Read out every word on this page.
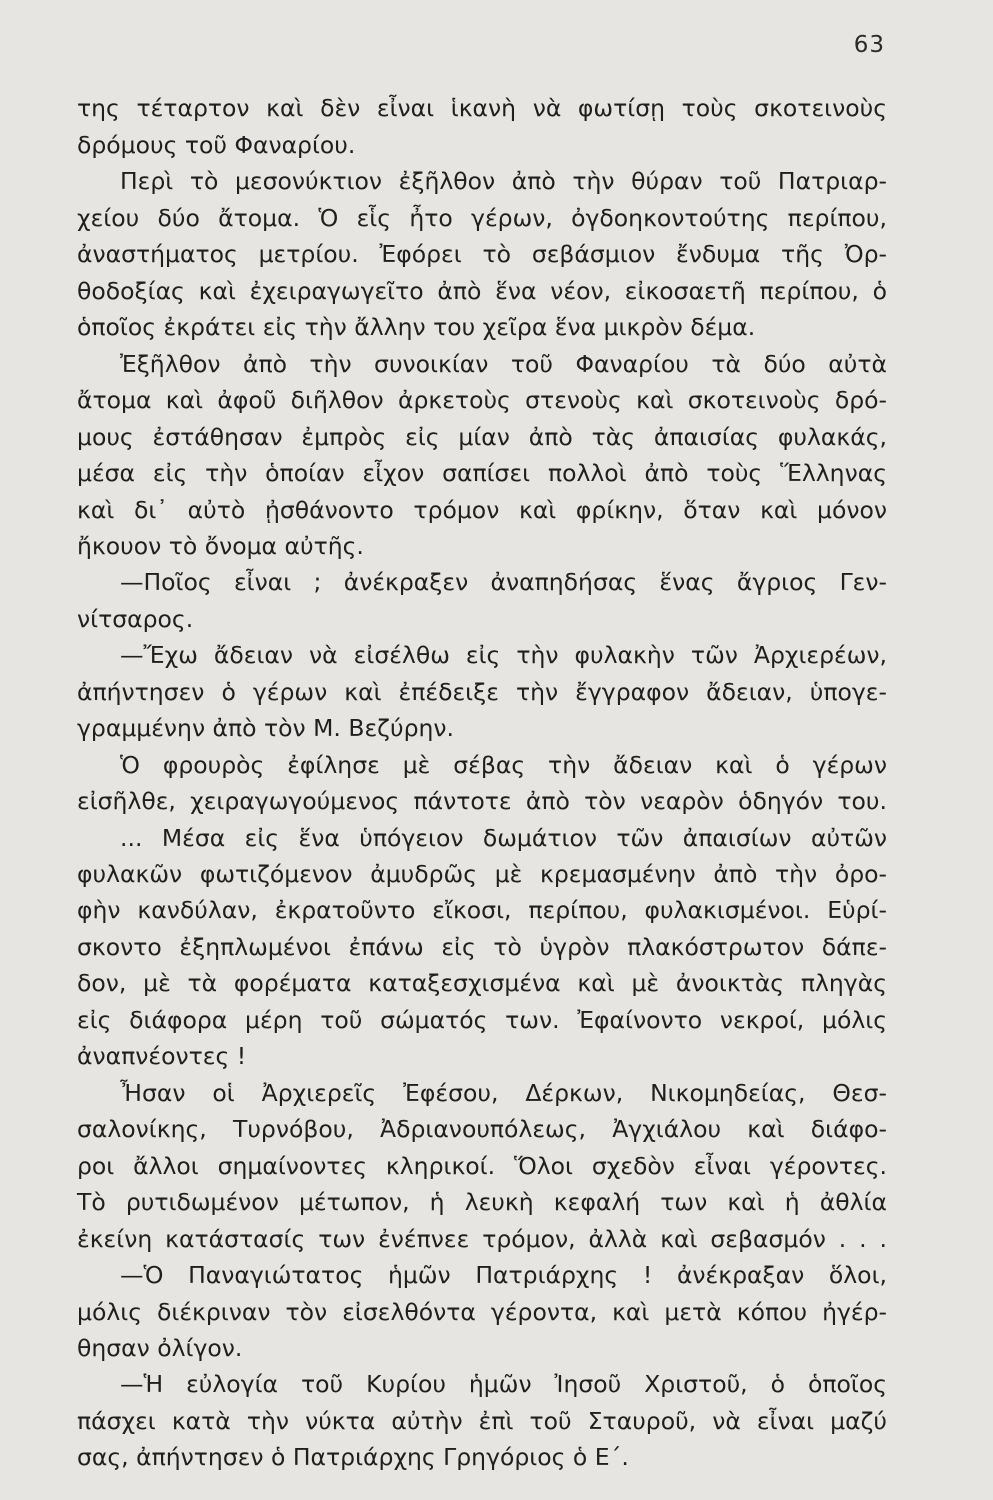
63
της τέταρτον καὶ δὲν εἶναι ἱκανὴ νὰ φωτίσῃ τοὺς σκοτεινοὺς
δρόμους τοῦ Φαναρίου.
Περὶ τὸ μεσονύκτιον ἐξῆλθον ἀπὸ τὴν θύραν τοῦ Πατριαρ-
χείου δύο ἄτομα. Ὁ εἷς ἦτο γέρων, ὀγδοηκοντούτης περίπου,
ἀναστήματος μετρίου. Ἐφόρει τὸ σεβάσμιον ἔνδυμα τῆς Ὀρ-
θοδοξίας καὶ ἐχειραγωγεῖτο ἀπὸ ἕνα νέον, εἰκοσαετῆ περίπου, ὁ
ὁποῖος ἐκράτει εἰς τὴν ἄλλην του χεῖρα ἕνα μικρὸν δέμα.
Ἐξῆλθον ἀπὸ τὴν συνοικίαν τοῦ Φαναρίου τὰ δύο αὐτὰ
ἄτομα καὶ ἀφοῦ διῆλθον ἀρκετοὺς στενοὺς καὶ σκοτεινοὺς δρό-
μους ἐστάθησαν ἐμπρὸς εἰς μίαν ἀπὸ τὰς ἀπαισίας φυλακάς,
μέσα εἰς τὴν ὁποίαν εἶχον σαπίσει πολλοὶ ἀπὸ τοὺς Ἕλληνας
καὶ δι᾽ αὐτὸ ᾐσθάνοντο τρόμον καὶ φρίκην, ὅταν καὶ μόνον
ἤκουον τὸ ὄνομα αὐτῆς.
—Ποῖος εἶναι ; ἀνέκραξεν ἀναπηδήσας ἕνας ἄγριος Γεν-
νίτσαρος.
—Ἔχω ἄδειαν νὰ εἰσέλθω εἰς τὴν φυλακὴν τῶν Ἀρχιερέων,
ἀπήντησεν ὁ γέρων καὶ ἐπέδειξε τὴν ἔγγραφον ἄδειαν, ὑπογε-
γραμμένην ἀπὸ τὸν Μ. Βεζύρην.
Ὁ φρουρὸς ἐφίλησε μὲ σέβας τὴν ἄδειαν καὶ ὁ γέρων
εἰσῆλθε, χειραγωγούμενος πάντοτε ἀπὸ τὸν νεαρὸν ὁδηγόν του.
... Μέσα εἰς ἕνα ὑπόγειον δωμάτιον τῶν ἀπαισίων αὐτῶν
φυλακῶν φωτιζόμενον ἀμυδρῶς μὲ κρεμασμένην ἀπὸ τὴν ὀρο-
φὴν κανδύλαν, ἐκρατοῦντο εἴκοσι, περίπου, φυλακισμένοι. Εὑρί-
σκοντο ἐξηπλωμένοι ἐπάνω εἰς τὸ ὑγρὸν πλακόστρωτον δάπε-
δον, μὲ τὰ φορέματα καταξεσχισμένα καὶ μὲ ἀνοικτὰς πληγὰς
εἰς διάφορα μέρη τοῦ σώματός των. Ἐφαίνοντο νεκροί, μόλις
ἀναπνέοντες !
Ἦσαν οἱ Ἀρχιερεῖς Ἐφέσου, Δέρκων, Νικομηδείας, Θεσ-
σαλονίκης, Τυρνόβου, Ἀδριανουπόλεως, Ἀγχιάλου καὶ διάφο-
ροι ἄλλοι σημαίνοντες κληρικοί. Ὅλοι σχεδὸν εἶναι γέροντες.
Τὸ ρυτιδωμένον μέτωπον, ἡ λευκὴ κεφαλή των καὶ ἡ ἀθλία
ἐκείνη κατάστασίς των ἐνέπνεε τρόμον, ἀλλὰ καὶ σεβασμόν . . .
—Ὁ Παναγιώτατος ἡμῶν Πατριάρχης ! ἀνέκραξαν ὅλοι,
μόλις διέκριναν τὸν εἰσελθόντα γέροντα, καὶ μετὰ κόπου ἠγέρ-
θησαν ὀλίγον.
—Ἡ εὐλογία τοῦ Κυρίου ἡμῶν Ἰησοῦ Χριστοῦ, ὁ ὁποῖος
πάσχει κατὰ τὴν νύκτα αὐτὴν ἐπὶ τοῦ Σταυροῦ, νὰ εἶναι μαζύ
σας, ἀπήντησεν ὁ Πατριάρχης Γρηγόριος ὁ Ε΄.
